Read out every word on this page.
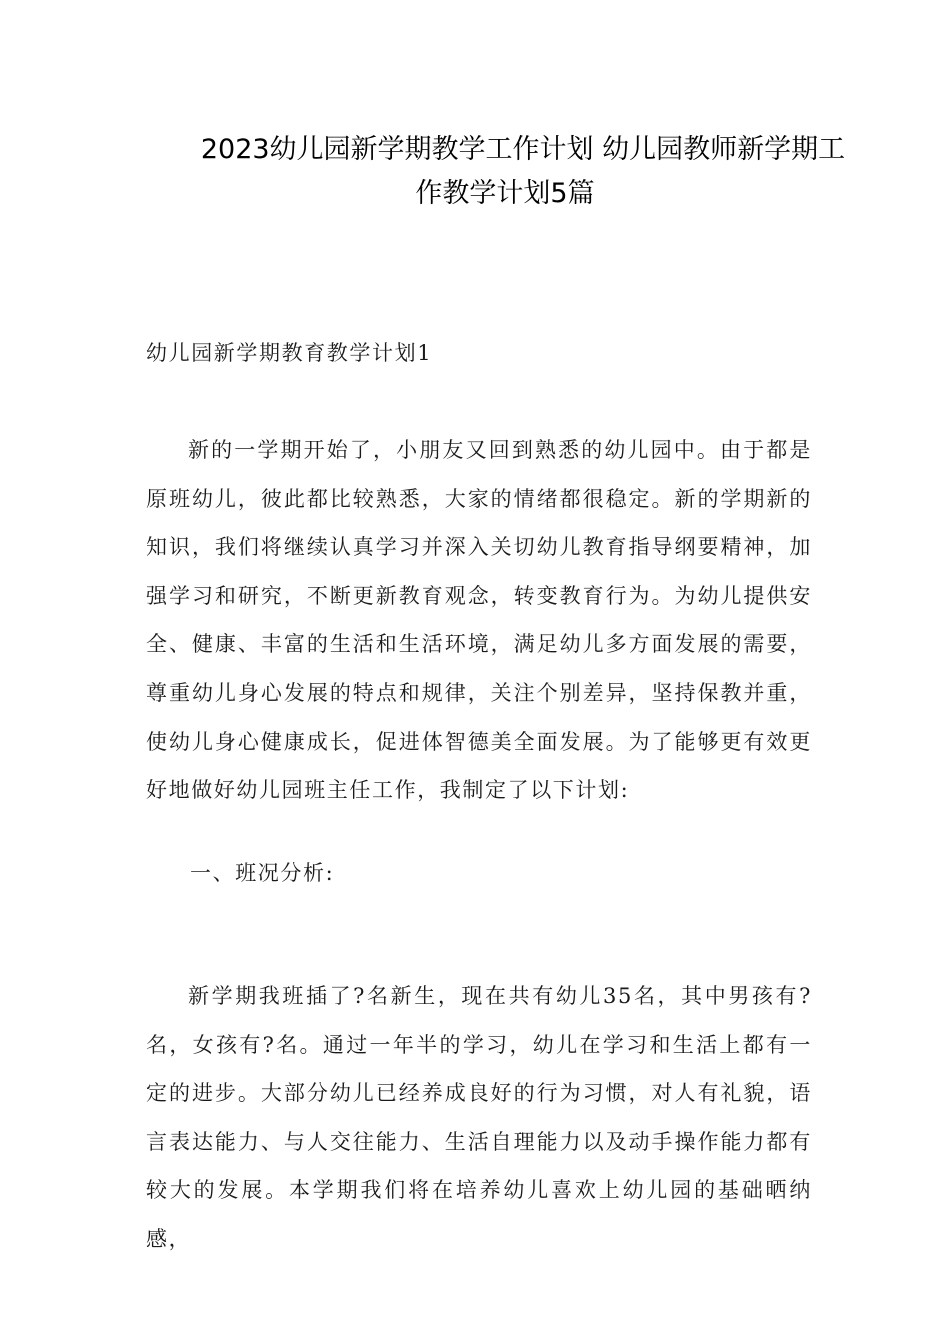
2023幼儿园新学期教学工作计划 幼儿园教师新学期工
作教学计划5篇
幼儿园新学期教育教学计划1

新的一学期开始了，小朋友又回到熟悉的幼儿园中。由于都是原班幼儿，彼此都比较熟悉，大家的情绪都很稳定。新的学期新的知识，我们将继续认真学习并深入关切幼儿教育指导纲要精神，加强学习和研究，不断更新教育观念，转变教育行为。为幼儿提供安全、健康、丰富的生活和生活环境，满足幼儿多方面发展的需要，尊重幼儿身心发展的特点和规律，关注个别差异，坚持保教并重，使幼儿身心健康成长，促进体智德美全面发展。为了能够更有效更好地做好幼儿园班主任工作，我制定了以下计划:

一、班况分析:

新学期我班插了?名新生，现在共有幼儿35名，其中男孩有?名，女孩有?名。通过一年半的学习，幼儿在学习和生活上都有一定的进步。大部分幼儿已经养成良好的行为习惯，对人有礼貌，语言表达能力、与人交往能力、生活自理能力以及动手操作能力都有较大的发展。本学期我们将在培养幼儿喜欢上幼儿园的基础晒纳感，
